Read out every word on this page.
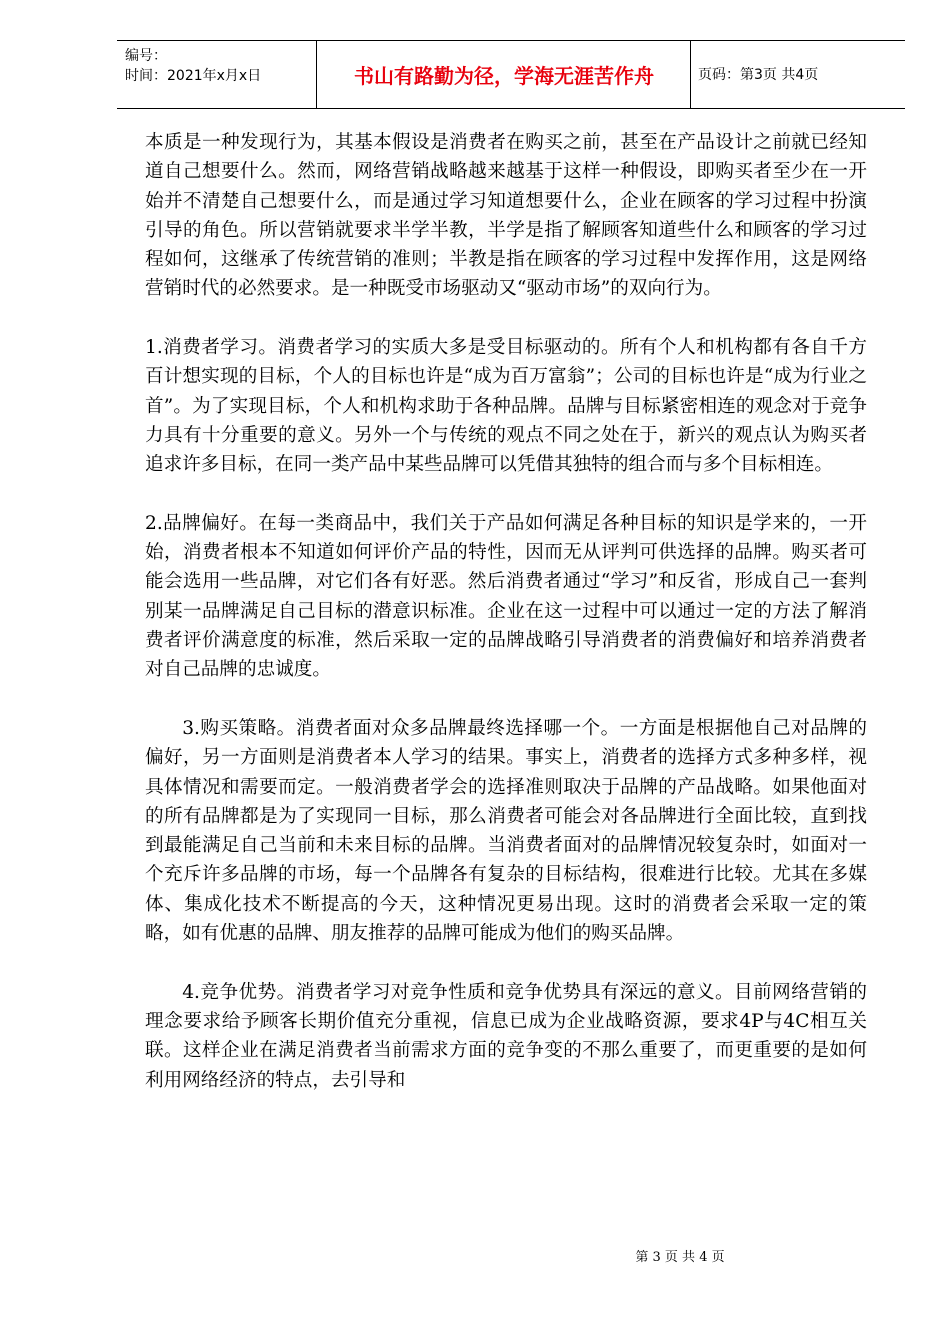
编号：
时间：2021年x月x日	书山有路勤为径，学海无涯苦作舟	页码：第3页 共4页

本质是一种发现行为，其基本假设是消费者在购买之前，甚至在产品设计之前就已经知道自己想要什么。然而，网络营销战略越来越基于这样一种假设，即购买者至少在一开始并不清楚自己想要什么，而是通过学习知道想要什么，企业在顾客的学习过程中扮演引导的角色。所以营销就要求半学半教，半学是指了解顾客知道些什么和顾客的学习过程如何，这继承了传统营销的准则；半教是指在顾客的学习过程中发挥作用，这是网络营销时代的必然要求。是一种既受市场驱动又“驱动市场”的双向行为。

1.消费者学习。消费者学习的实质大多是受目标驱动的。所有个人和机构都有各自千方百计想实现的目标，个人的目标也许是“成为百万富翁”；公司的目标也许是“成为行业之首”。为了实现目标，个人和机构求助于各种品牌。品牌与目标紧密相连的观念对于竞争力具有十分重要的意义。另外一个与传统的观点不同之处在于，新兴的观点认为购买者追求许多目标，在同一类产品中某些品牌可以凭借其独特的组合而与多个目标相连。

2.品牌偏好。在每一类商品中，我们关于产品如何满足各种目标的知识是学来的，一开始，消费者根本不知道如何评价产品的特性，因而无从评判可供选择的品牌。购买者可能会选用一些品牌，对它们各有好恶。然后消费者通过“学习”和反省，形成自己一套判别某一品牌满足自己目标的潜意识标准。企业在这一过程中可以通过一定的方法了解消费者评价满意度的标准，然后采取一定的品牌战略引导消费者的消费偏好和培养消费者对自己品牌的忠诚度。

3.购买策略。消费者面对众多品牌最终选择哪一个。一方面是根据他自己对品牌的偏好，另一方面则是消费者本人学习的结果。事实上，消费者的选择方式多种多样，视具体情况和需要而定。一般消费者学会的选择准则取决于品牌的产品战略。如果他面对的所有品牌都是为了实现同一目标，那么消费者可能会对各品牌进行全面比较，直到找到最能满足自己当前和未来目标的品牌。当消费者面对的品牌情况较复杂时，如面对一个充斥许多品牌的市场，每一个品牌各有复杂的目标结构，很难进行比较。尤其在多媒体、集成化技术不断提高的今天，这种情况更易出现。这时的消费者会采取一定的策略，如有优惠的品牌、朋友推荐的品牌可能成为他们的购买品牌。

4.竞争优势。消费者学习对竞争性质和竞争优势具有深远的意义。目前网络营销的理念要求给予顾客长期价值充分重视，信息已成为企业战略资源，要求4P与4C相互关联。这样企业在满足消费者当前需求方面的竞争变的不那么重要了，而更重要的是如何利用网络经济的特点，去引导和

第 3 页 共 4 页
